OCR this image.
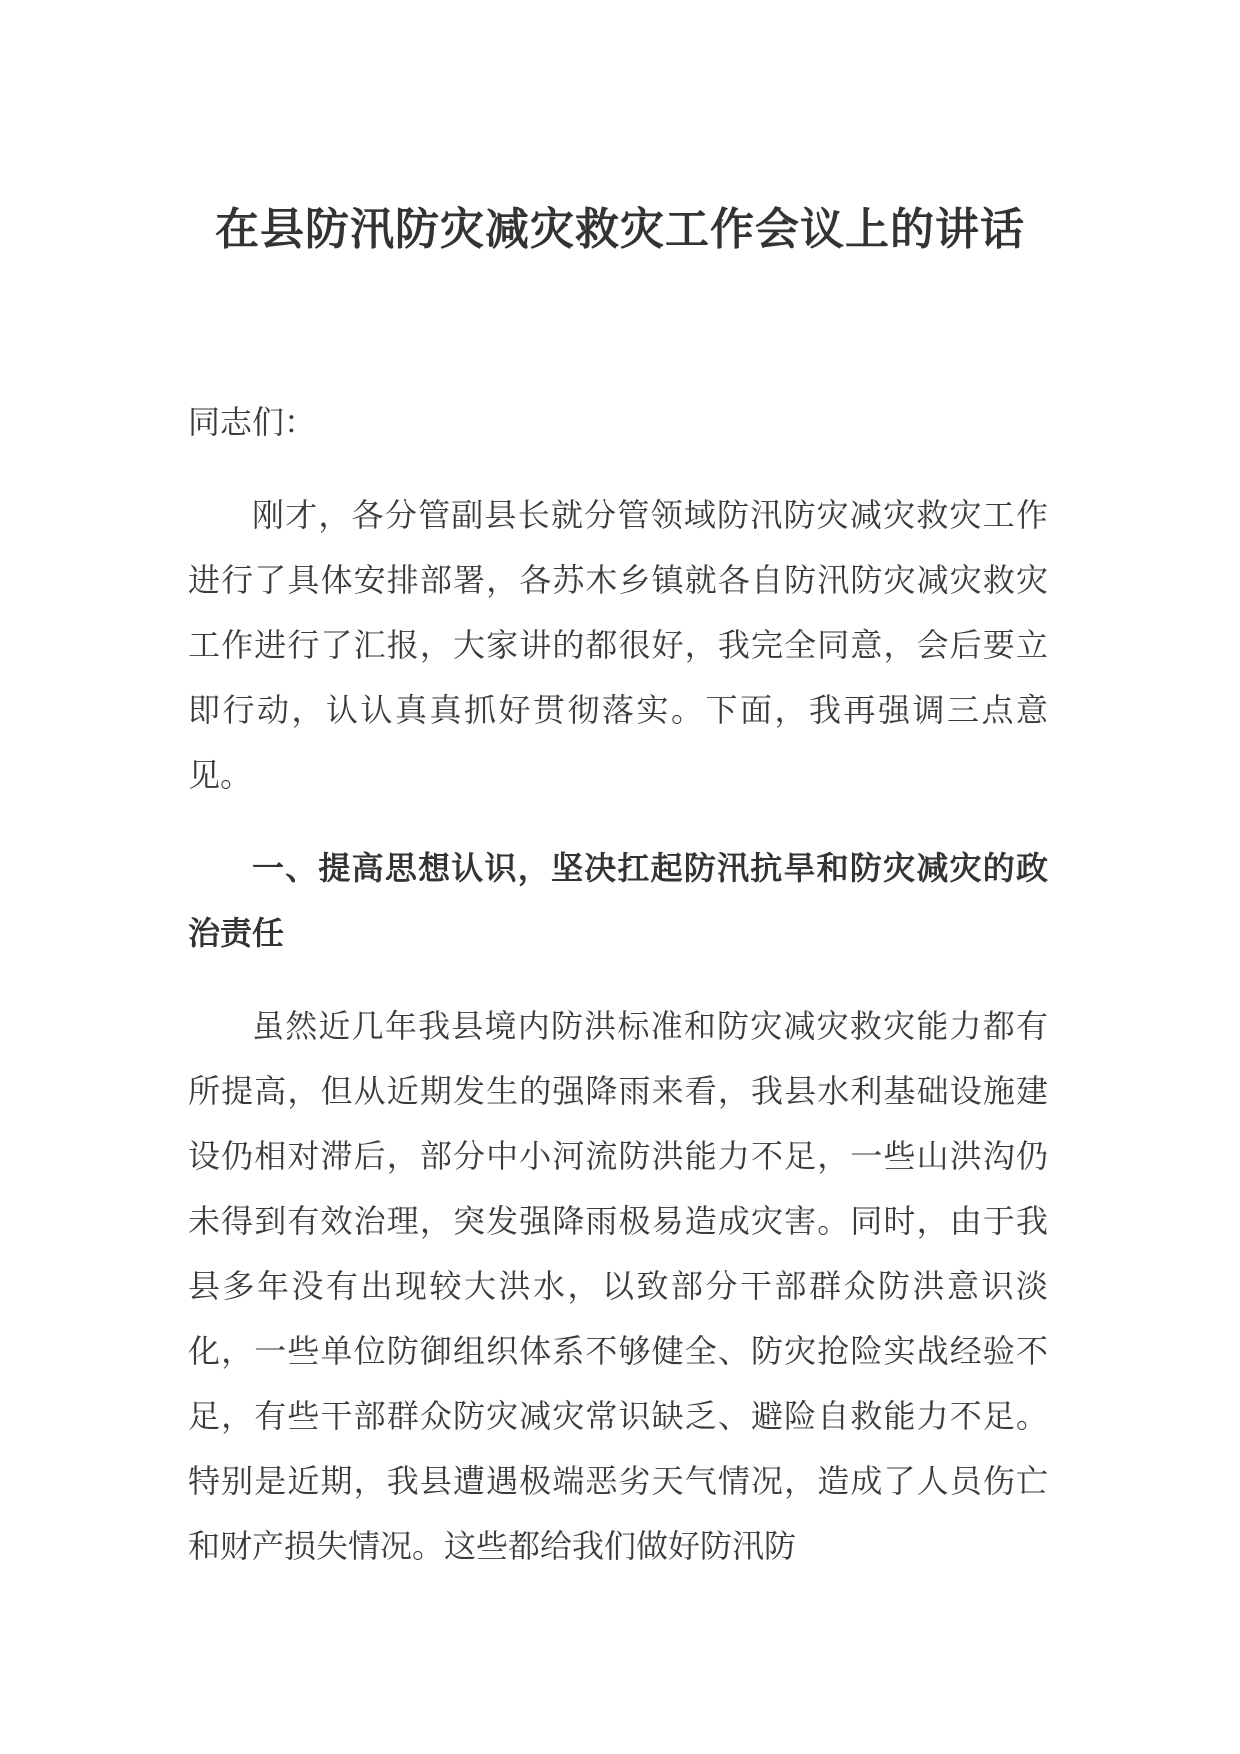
在县防汛防灾减灾救灾工作会议上的讲话

同志们：

刚才，各分管副县长就分管领域防汛防灾减灾救灾工作进行了具体安排部署，各苏木乡镇就各自防汛防灾减灾救灾工作进行了汇报，大家讲的都很好，我完全同意，会后要立即行动，认认真真抓好贯彻落实。下面，我再强调三点意见。

一、提高思想认识，坚决扛起防汛抗旱和防灾减灾的政治责任

虽然近几年我县境内防洪标准和防灾减灾救灾能力都有所提高，但从近期发生的强降雨来看，我县水利基础设施建设仍相对滞后，部分中小河流防洪能力不足，一些山洪沟仍未得到有效治理，突发强降雨极易造成灾害。同时，由于我县多年没有出现较大洪水，以致部分干部群众防洪意识淡化，一些单位防御组织体系不够健全、防灾抢险实战经验不足，有些干部群众防灾减灾常识缺乏、避险自救能力不足。特别是近期，我县遭遇极端恶劣天气情况，造成了人员伤亡和财产损失情况。这些都给我们做好防汛防
